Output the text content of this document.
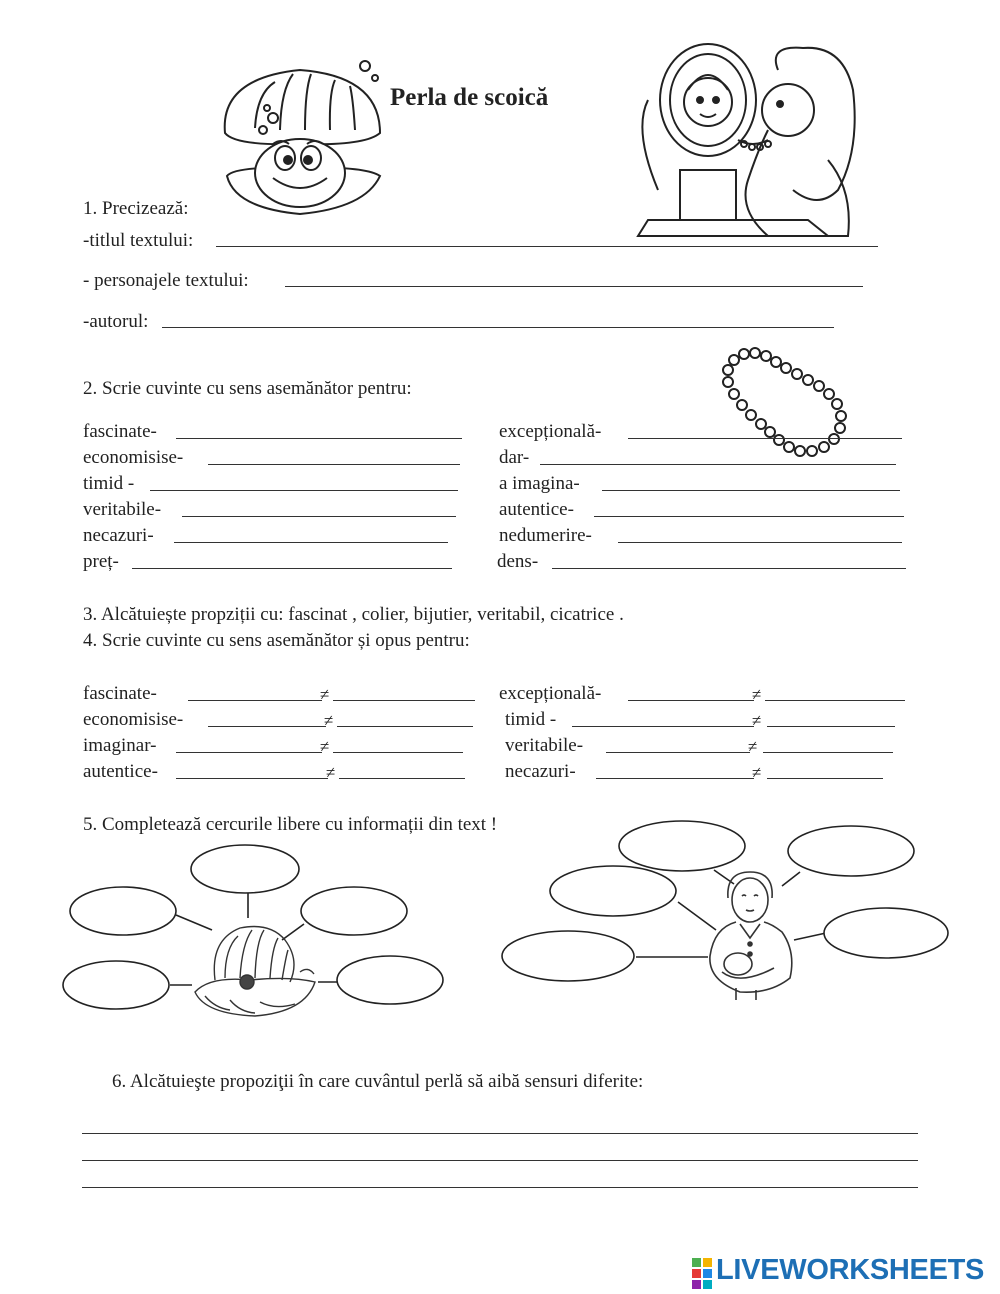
Perla de scoică
1. Precizează:
-titlul textului:
- personajele textului:
-autorul:
2. Scrie cuvinte cu sens asemănător pentru:
fascinate-
economisise-
timid -
veritabile-
necazuri-
preț-
excepțională-
dar-
a imagina-
autentice-
nedumerire-
dens-
3. Alcătuiește propziții cu: fascinat , colier, bijutier, veritabil, cicatrice .
4. Scrie cuvinte cu sens asemănător și opus pentru:
fascinate-	≠
economisise-	≠
imaginar-	≠
autentice-	≠
excepțională-	≠
timid -	≠
veritabile-	≠
necazuri-	≠
5. Completează cercurile libere cu informații din text !
6. Alcătuieşte propoziţii în care cuvântul perlă să aibă sensuri diferite:
LIVEWORKSHEETS
